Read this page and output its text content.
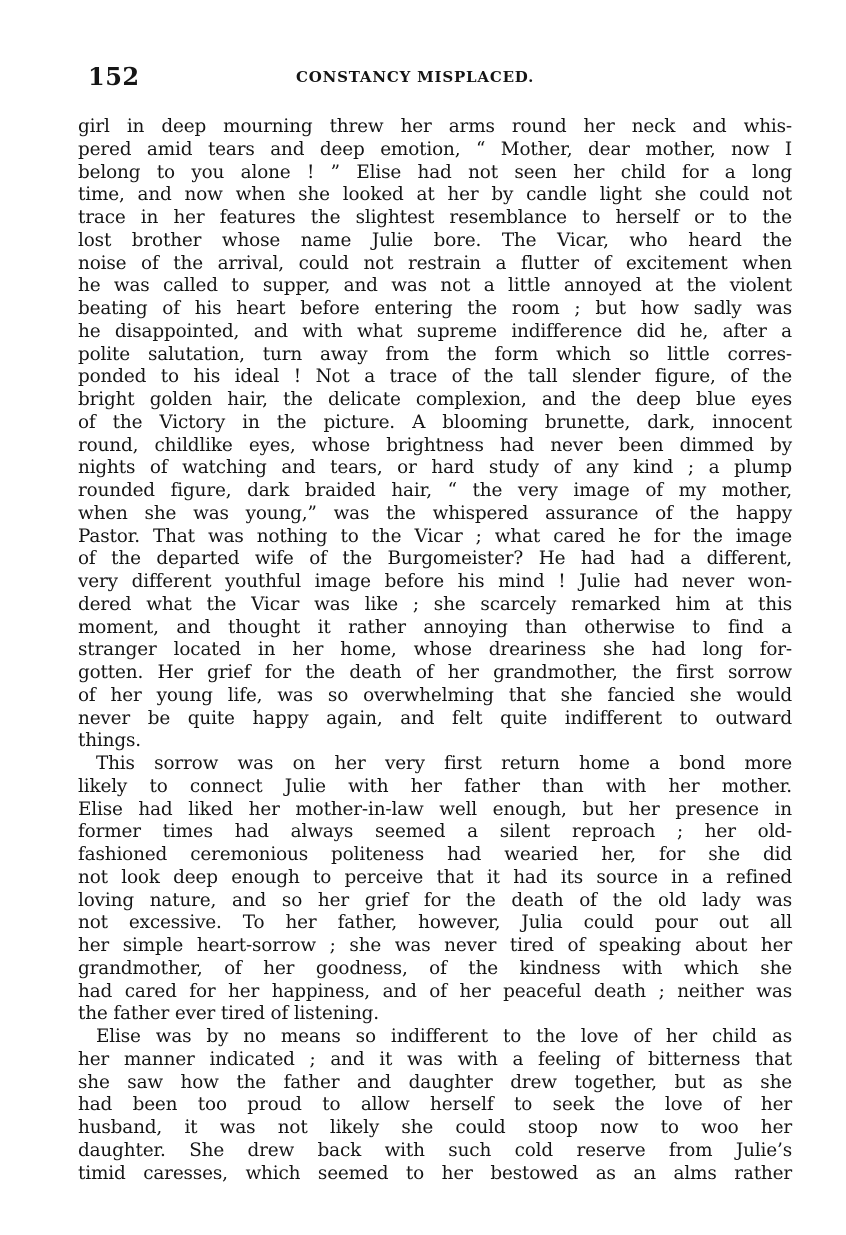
152	CONSTANCY MISPLACED.
girl in deep mourning threw her arms round her neck and whis-
pered amid tears and deep emotion, “ Mother, dear mother, now I
belong to you alone ! ” Elise had not seen her child for a long
time, and now when she looked at her by candle light she could not
trace in her features the slightest resemblance to herself or to the
lost brother whose name Julie bore. The Vicar, who heard the
noise of the arrival, could not restrain a flutter of excitement when
he was called to supper, and was not a little annoyed at the violent
beating of his heart before entering the room ; but how sadly was
he disappointed, and with what supreme indifference did he, after a
polite salutation, turn away from the form which so little corres-
ponded to his ideal ! Not a trace of the tall slender figure, of the
bright golden hair, the delicate complexion, and the deep blue eyes
of the Victory in the picture. A blooming brunette, dark, innocent
round, childlike eyes, whose brightness had never been dimmed by
nights of watching and tears, or hard study of any kind ; a plump
rounded figure, dark braided hair, “ the very image of my mother,
when she was young,” was the whispered assurance of the happy
Pastor. That was nothing to the Vicar ; what cared he for the image
of the departed wife of the Burgomeister? He had had a different,
very different youthful image before his mind ! Julie had never won-
dered what the Vicar was like ; she scarcely remarked him at this
moment, and thought it rather annoying than otherwise to find a
stranger located in her home, whose dreariness she had long for-
gotten. Her grief for the death of her grandmother, the first sorrow
of her young life, was so overwhelming that she fancied she would
never be quite happy again, and felt quite indifferent to outward
things.
This sorrow was on her very first return home a bond more
likely to connect Julie with her father than with her mother.
Elise had liked her mother-in-law well enough, but her presence in
former times had always seemed a silent reproach ; her old-
fashioned ceremonious politeness had wearied her, for she did
not look deep enough to perceive that it had its source in a refined
loving nature, and so her grief for the death of the old lady was
not excessive. To her father, however, Julia could pour out all
her simple heart-sorrow ; she was never tired of speaking about her
grandmother, of her goodness, of the kindness with which she
had cared for her happiness, and of her peaceful death ; neither was
the father ever tired of listening.
Elise was by no means so indifferent to the love of her child as
her manner indicated ; and it was with a feeling of bitterness that
she saw how the father and daughter drew together, but as she
had been too proud to allow herself to seek the love of her
husband, it was not likely she could stoop now to woo her
daughter. She drew back with such cold reserve from Julie’s
timid caresses, which seemed to her bestowed as an alms rather
